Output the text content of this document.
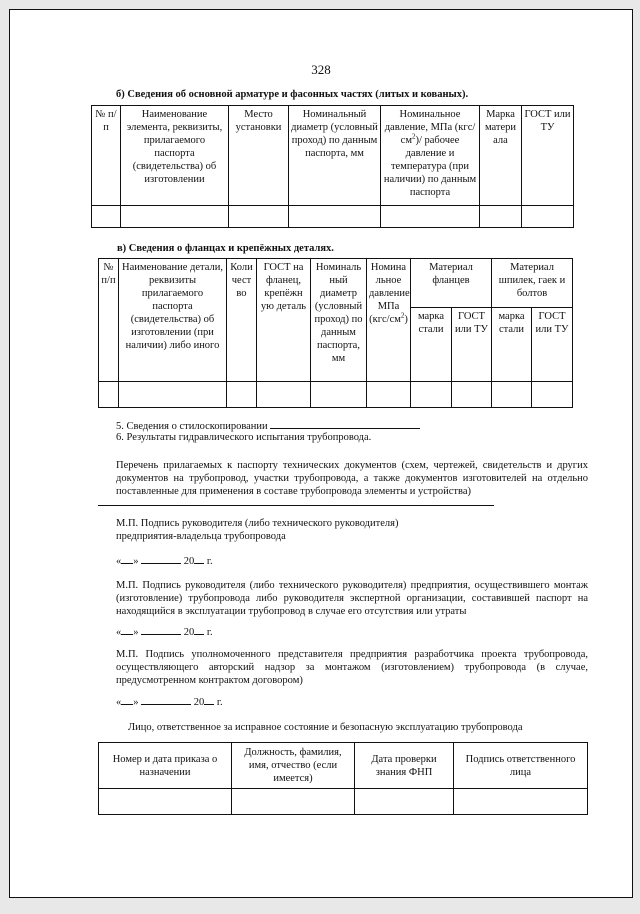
328
б) Сведения об основной арматуре и фасонных частях (литых и кованых).
№ п/п	Наименование элемента, реквизиты, прилагаемого паспорта (свидетельства) об изготовлении	Место установки	Номинальный диаметр (условный проход) по данным паспорта, мм	Номинальное давление, МПа $(кгс/см^2)/$ рабочее давление и температура (при наличии) по данным паспорта	Марка матери ала	ГОСТ или ТУ

в) Сведения о фланцах и крепёжных деталях.
№ п/п	Наименование детали, реквизиты прилагаемого паспорта (свидетельства) об изготовлении (при наличии) либо иного	Коли чест во	ГОСТ на фланец, крепёжн ую деталь	Номиналь ный диаметр (условный проход) по данным паспорта, мм	Номина льное давление МПа $(кгс/см^2)$	Материал фланцев		Материал шпилек, гаек и болтов	
						марка стали	ГОСТ или ТУ	марка стали	ГОСТ или ТУ

5. Сведения о стилоскопировании
6. Результаты гидравлического испытания трубопровода.
Перечень прилагаемых к паспорту технических документов (схем, чертежей, свидетельств и других документов на трубопровод, участки трубопровода, а также документов изготовителей на отдельно поставленные для применения в составе трубопровода элементы и устройства)
М.П. Подпись руководителя (либо технического руководителя) предприятия-владельца трубопровода
« »	20 г.
М.П. Подпись руководителя (либо технического руководителя) предприятия, осуществившего монтаж (изготовление) трубопровода либо руководителя экспертной организации, составившей паспорт на находящийся в эксплуатации трубопровод в случае его отсутствия или утраты
« »	20 г.
М.П. Подпись уполномоченного представителя предприятия разработчика проекта трубопровода, осуществляющего авторский надзор за монтажом (изготовлением) трубопровода (в случае, предусмотренном контрактом договором)
« »	20 г.
Лицо, ответственное за исправное состояние и безопасную эксплуатацию трубопровода
Номер и дата приказа о назначении	Должность, фамилия, имя, отчество (если имеется)	Дата проверки знания ФНП	Подпись ответственного лица
